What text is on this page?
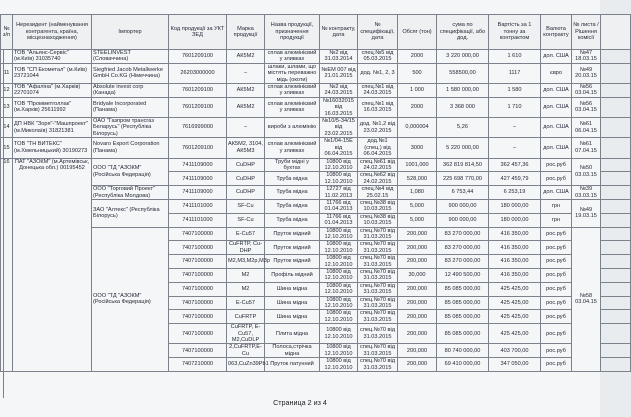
№ з/п	Нерезидент (найменування контрагента, країна, місцезнаходження)	Імпортер	Код продукції за УКТ ЗЕД	Марка продукції	Назва продукції, призначення продукції	№ контракту, дата	№ специфікації, дата	Обсяг (тон)	сума по специфікації, або дод.	Вартість за 1 тонну за контрактом	Валюта контракту	№ листа / Рішення комісії	
	ТОВ "Альянс-Сервіс" (м.Київ) 31035740	STEELINVEST (Словаччина)	7601209100	АК5М2	сплав алюмінієвий у зливках	№2 від 31.03.2014	спец.№5 від 05.03.2015	2000	3 220 000,00	1 610	дол. США	№47 18.03.15	
11	ТОВ "СП Екометал" (м.Київ) 23721044	Siegfried Jacob Metallwerke GmbH Co.KG (Німеччина)	26203000000	–	шлаки, шлами, що містять переважно мідь (окоти)	№ЕМ 007 від 21.01.2015	дод. №1, 2, 3	500	558500,00	1117	євро	№49 20.03.15	
12	ТОВ "Афаліна" (м.Харків) 22701074	Absolute invest corp (Канада)	7601209100	АК5М2	сплав алюмінієвий у зливках	№2 від 24.03.2015	спец.№1 від 24.03.2015	1 000	1 580 000,00	1 580	дол. США	№56 03.04.15	
13	ТОВ "Промметголлак" (м.Харків) 25611992	Bridyale Incorporated (Панама)	7601209100	АК5М2	сплав алюмінієвий у зливках	№16032015 від 16.03.2015	спец.№1 від 16.03.2015	2000	3 368 000	1 710	дол. США	№56 03.04.15	
14	ДП НВК "Зоря"-"Машпроект" (м.Миколаїв) 31821381	ОАО "Газпром трансгаз Беларусь" (Республіка Білорусь)	7616999000	–	вироби з алюмінію	№10/5-34/15 від 23.02.2015	дод. №1,2 від 23.02.2015	0,000004	5,26	–	дол. США	№61 06.04.15	
15	ТОВ "ТН ВИТЕКС" (м.Хмельницький) 30190273	Novaro Export Corporation (Панама)	7601209100	АК5М2, 3104, АК5М3	сплав алюмінієвий у зливках	№1/04-15Е від 06.04.2015	дод.№1 (спец.) від 06.04.2015	3000	5 220 000,00	–	дол. США	№61 07.04.15	
16	ПАТ "АЗОКМ" (м.Артемівськ, Донецька обл.) 00195452	ООО "ТД "АЗОКМ" (Російська Федерація)	7411109000	CuDHP	Труби мідні у бухтах	10800 від 12.10.2010	спец.№61 від 24.02.2015	1001,000	362 819 814,50	362 457,36	рос.руб	№50 03.03.15	
			7411109000	CuDHP	Труба мідна	10800 від 12.10.2010	спец.№62 від 24.02.2015	528,000	225 698 770,00	427 459,79	рос.руб		
		ООО "Торговий Проект" (Республіка Молдова)	7411109000	CuDHP	Труба мідна	12727 від 11.02.2013	спец.№4 від 25.02.15	1,080	6 753,44	6 253,19	дол. США	№39 03.03.15	
		ЗАО "Алтекс" (Республіка Білорусь)	7411101000	SF-Cu	Труба мідна	11766 від 01.04.2013	спец.№38 від 10.03.2015	5,000	900 000,00	180 000,00	грн	№49 19.03.15	
			7411101000	SF-Cu	Труба мідна	11766 від 01.04.2013	спец.№38 від 10.03.2015	5,000	900 000,00	180 000,00	грн		
		ООО "ТД "АЗОКМ" (Російська Федерація)	7407100000	E-Cu57	Пруток мідний	10800 від 12.10.2010	спец.№70 від 31.03.2015	200,000	83 270 000,00	416 350,00	рос.руб	№58 03.04.15	
			7407100000	CuFRTP, Cu-DHP	Пруток мідний	10800 від 12.10.2010	спец.№70 від 31.03.2015	200,000	83 270 000,00	416 350,00	рос.руб		
			7407100000	М2,М3,М2р,М3р	Пруток мідний	10800 від 12.10.2010	спец.№70 від 31.03.2015	200,000	83 270 000,00	416 350,00	рос.руб		
			7407100000	М2	Профіль мідний	10800 від 12.10.2010	спец.№70 від 31.03.2015	30,000	12 490 500,00	416 350,00	рос.руб		
			7407100000	М2	Шина мідна	10800 від 12.10.2010	спец.№70 від 31.03.2015	200,000	85 085 000,00	425 425,00	рос.руб		
			7407100000	E-Cu57	Шина мідна	10800 від 12.10.2010	спец.№70 від 31.03.2015	200,000	85 085 000,00	425 425,00	рос.руб		
			7407100000	CuFRTP	Шина мідна	10800 від 12.10.2010	спец.№70 від 31.03.2015	200,000	85 085 000,00	425 425,00	рос.руб		
			7407100000	CuFRTP, E-Cu57, М2,CuDLP	Плита мідна	10800 від 12.10.2010	спец.№70 від 31.03.2015	200,000	85 085 000,00	425 425,00	рос.руб		
			7407100000	2,CuFRTP,E-Cu	Полоса,стрічка мідна	10800 від 12.10.2010	спец.№70 від 31.03.2015	200,000	80 740 000,00	403 700,00	рос.руб		
			7407210000	063,CuZn39Pb1	Пруток латунний	10800 від 12.10.2010	спец.№70 від 31.03.2015	200,000	69 410 000,00	347 050,00	рос.руб		
Страница 2 из 4
